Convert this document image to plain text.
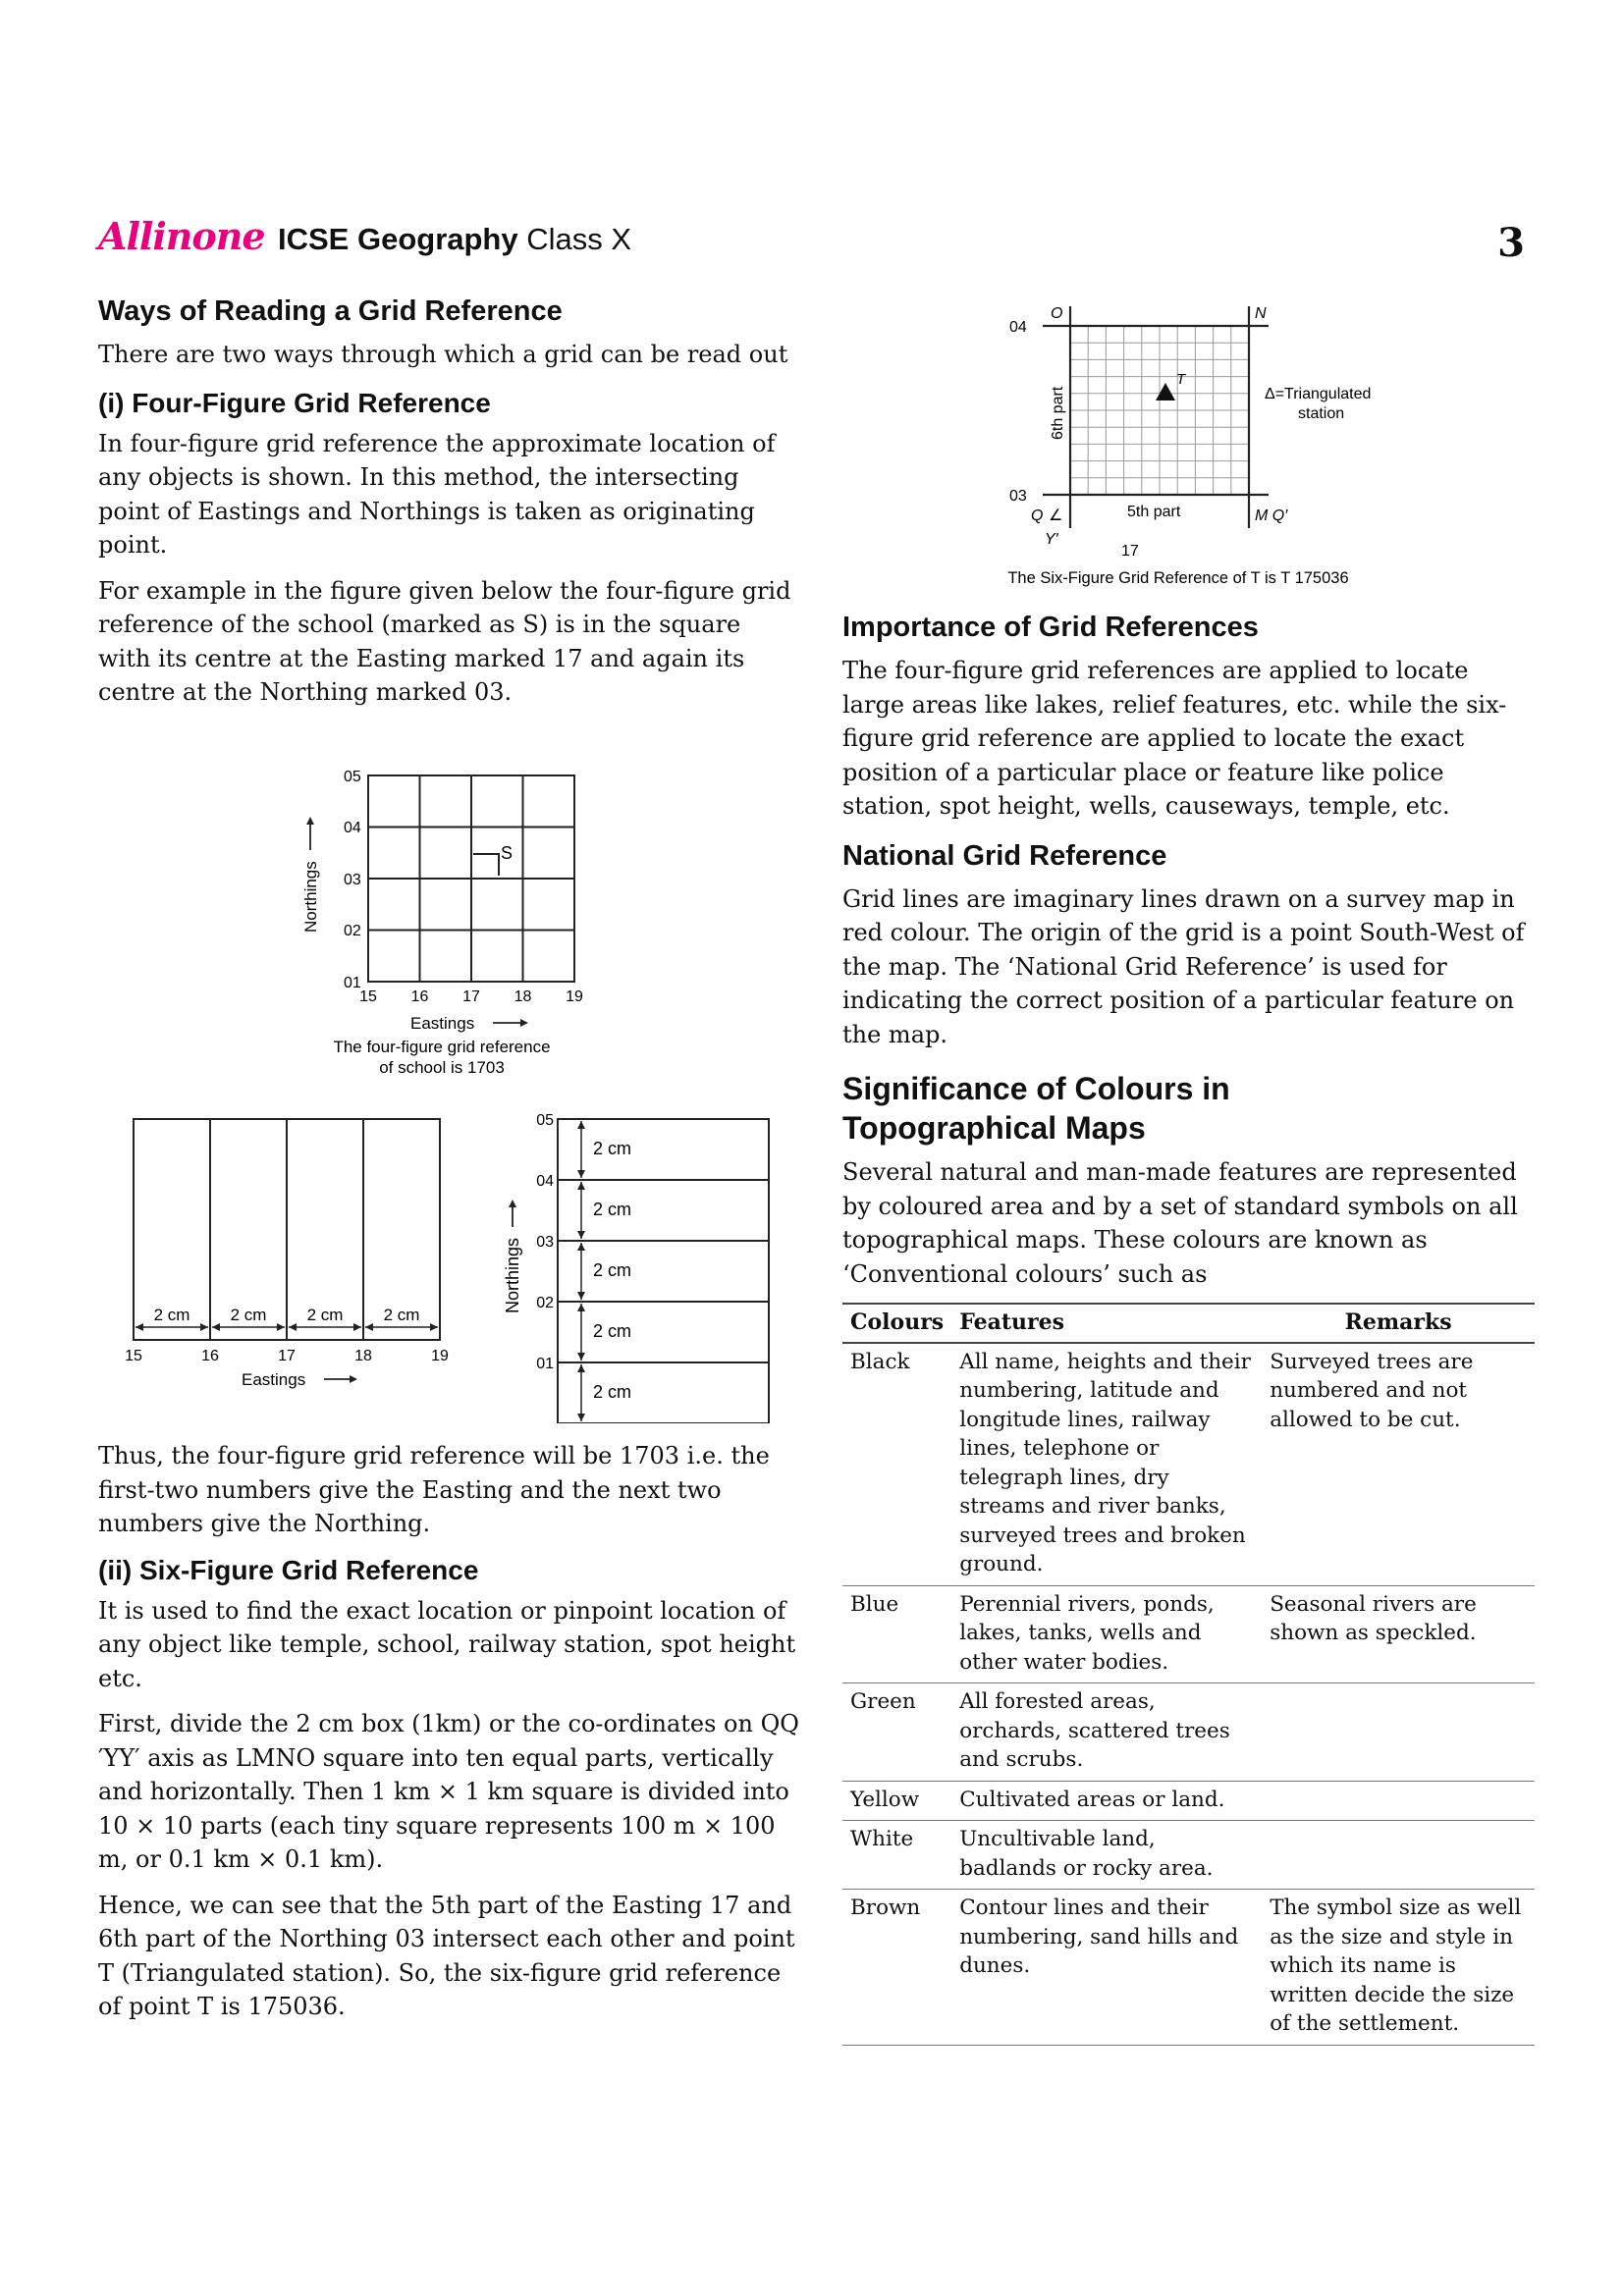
Allinone ICSE Geography Class X	3
Ways of Reading a Grid Reference

There are two ways through which a grid can be read out

(i) Four-Figure Grid Reference

In four-figure grid reference the approximate location of any objects is shown. In this method, the intersecting point of Eastings and Northings is taken as originating point.

For example in the figure given below the four-figure grid reference of the school (marked as S) is in the square with its centre at the Easting marked 17 and again its centre at the Northing marked 03.

S
05
04
03
02
01
15 16 17 18 19
Northings
Eastings
The four-figure grid reference
of school is 1703
2 cm 2 cm 2 cm 2 cm
15	16	17	18	19
Eastings
2 cm
2 cm
2 cm
2 cm
2 cm
05
04
03
02
01
Northings

Thus, the four-figure grid reference will be 1703 i.e. the first-two numbers give the Easting and the next two numbers give the Northing.

(ii) Six-Figure Grid Reference

It is used to find the exact location or pinpoint location of any object like temple, school, railway station, spot height etc.

First, divide the 2 cm box (1km) or the co-ordinates on QQ ′YY′ axis as LMNO square into ten equal parts, vertically and horizontally. Then 1 km × 1 km square is divided into 10 × 10 parts (each tiny square represents 100 m × 100 m, or 0.1 km × 0.1 km).

Hence, we can see that the 5th part of the Easting 17 and 6th part of the Northing 03 intersect each other and point T (Triangulated station). So, the six-figure grid reference of point T is 175036.

T
04
03
O	N
Q ∠	M Q′
Y′
17
5th part
6th part	Δ=Triangulated
station
The Six-Figure Grid Reference of T is T 175036
Importance of Grid References

The four-figure grid references are applied to locate large areas like lakes, relief features, etc. while the six-figure grid reference are applied to locate the exact position of a particular place or feature like police station, spot height, wells, causeways, temple, etc.

National Grid Reference

Grid lines are imaginary lines drawn on a survey map in red colour. The origin of the grid is a point South-West of the map. The ‘National Grid Reference’ is used for indicating the correct position of a particular feature on the map.

Significance of Colours in
Topographical Maps

Several natural and man-made features are represented by coloured area and by a set of standard symbols on all topographical maps. These colours are known as ‘Conventional colours’ such as

Colours	Features	Remarks
Black	All name, heights and their numbering, latitude and longitude lines, railway lines, telephone or telegraph lines, dry streams and river banks, surveyed trees and broken ground.	Surveyed trees are numbered and not allowed to be cut.
Blue	Perennial rivers, ponds, lakes, tanks, wells and other water bodies.	Seasonal rivers are shown as speckled.
Green	All forested areas, orchards, scattered trees and scrubs.	
Yellow	Cultivated areas or land.	
White	Uncultivable land, badlands or rocky area.	
Brown	Contour lines and their numbering, sand hills and dunes.	The symbol size as well as the size and style in which its name is written decide the size of the settlement.
